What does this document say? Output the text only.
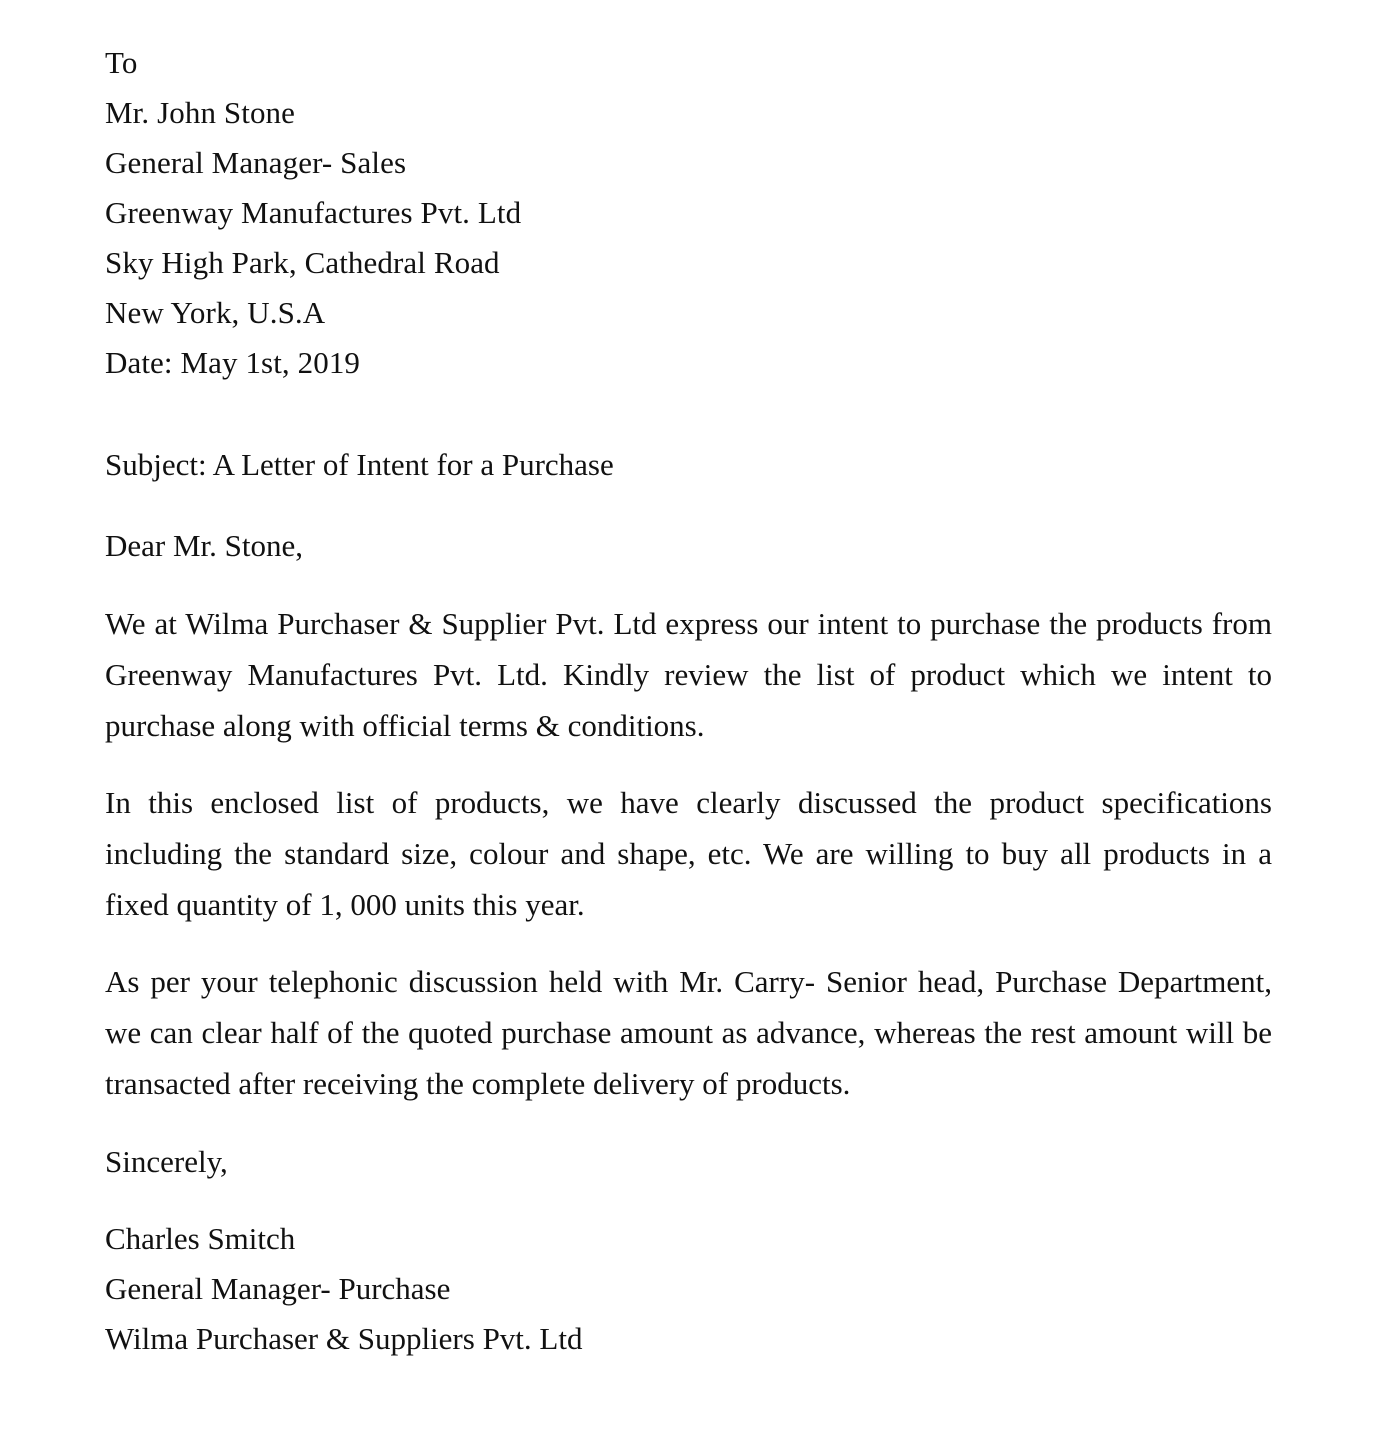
To
Mr. John Stone
General Manager- Sales
Greenway Manufactures Pvt. Ltd
Sky High Park, Cathedral Road
New York, U.S.A
Date: May 1st, 2019
Subject: A Letter of Intent for a Purchase
Dear Mr. Stone,

We at Wilma Purchaser & Supplier Pvt. Ltd express our intent to purchase the products from Greenway Manufactures Pvt. Ltd. Kindly review the list of product which we intent to purchase along with official terms & conditions.

In this enclosed list of products, we have clearly discussed the product specifications including the standard size, colour and shape, etc. We are willing to buy all products in a fixed quantity of 1, 000 units this year.

As per your telephonic discussion held with Mr. Carry- Senior head, Purchase Department, we can clear half of the quoted purchase amount as advance, whereas the rest amount will be transacted after receiving the complete delivery of products.

Sincerely,
Charles Smitch
General Manager- Purchase
Wilma Purchaser & Suppliers Pvt. Ltd
